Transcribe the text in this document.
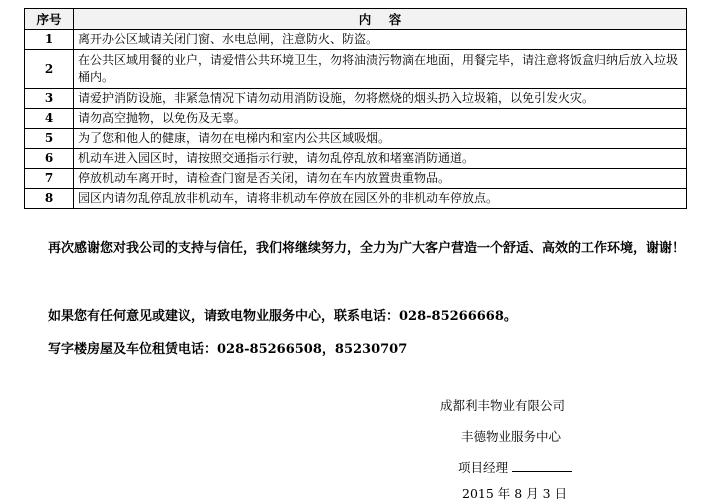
序号	内    容
1	离开办公区域请关闭门窗、水电总闸，注意防火、防盗。
2	在公共区域用餐的业户，请爱惜公共环境卫生，勿将油渍污物滴在地面，用餐完毕，请注意将饭盒归纳后放入垃圾桶内。
3	请爱护消防设施，非紧急情况下请勿动用消防设施，勿将燃烧的烟头扔入垃圾箱，以免引发火灾。
4	请勿高空抛物，以免伤及无辜。
5	为了您和他人的健康，请勿在电梯内和室内公共区域吸烟。
6	机动车进入园区时，请按照交通指示行驶，请勿乱停乱放和堵塞消防通道。
7	停放机动车离开时，请检查门窗是否关闭，请勿在车内放置贵重物品。
8	园区内请勿乱停乱放非机动车，请将非机动车停放在园区外的非机动车停放点。
再次感谢您对我公司的支持与信任，我们将继续努力，全力为广大客户营造一个舒适、高效的工作环境，谢谢！
如果您有任何意见或建议，请致电物业服务中心，联系电话：028-85266668。
写字楼房屋及车位租赁电话：028-85266508，85230707
成都利丰物业有限公司
丰德物业服务中心
项目经理
2015 年 8 月 3 日
